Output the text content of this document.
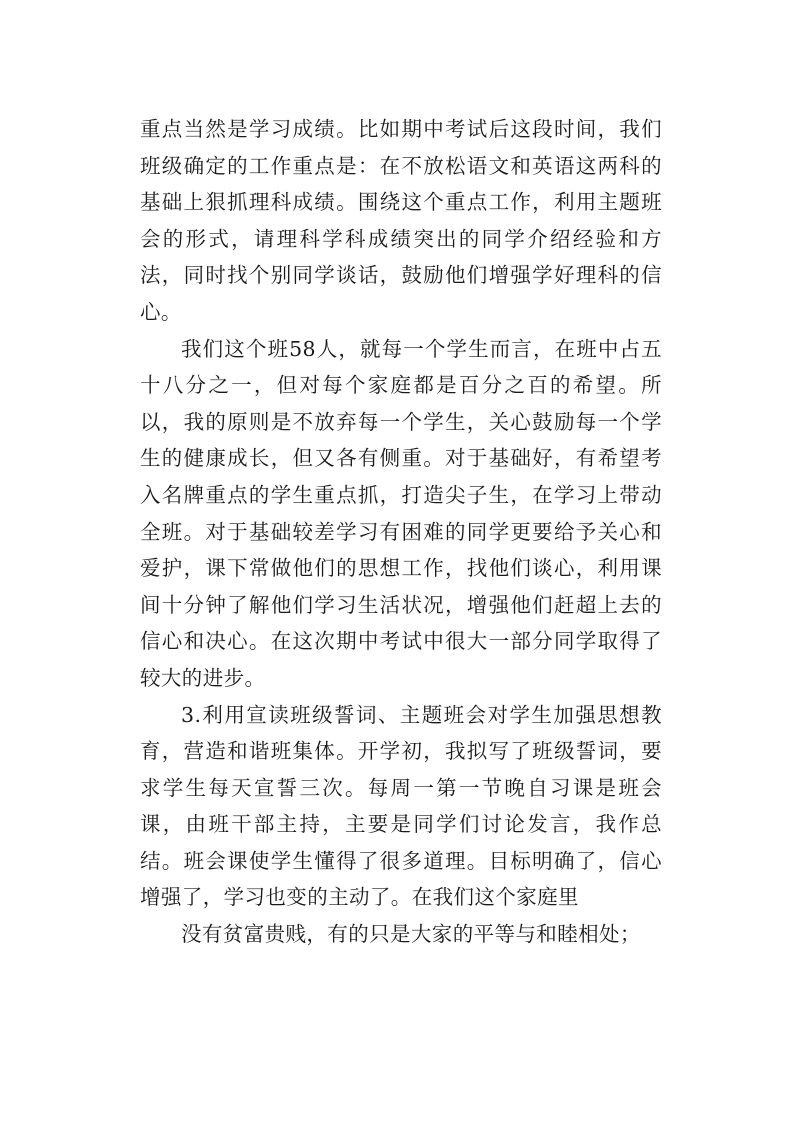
重点当然是学习成绩。比如期中考试后这段时间，我们班级确定的工作重点是：在不放松语文和英语这两科的基础上狠抓理科成绩。围绕这个重点工作，利用主题班会的形式，请理科学科成绩突出的同学介绍经验和方法，同时找个别同学谈话，鼓励他们增强学好理科的信心。

我们这个班58人，就每一个学生而言，在班中占五十八分之一，但对每个家庭都是百分之百的希望。所以，我的原则是不放弃每一个学生，关心鼓励每一个学生的健康成长，但又各有侧重。对于基础好，有希望考入名牌重点的学生重点抓，打造尖子生，在学习上带动全班。对于基础较差学习有困难的同学更要给予关心和爱护，课下常做他们的思想工作，找他们谈心，利用课间十分钟了解他们学习生活状况，增强他们赶超上去的信心和决心。在这次期中考试中很大一部分同学取得了较大的进步。

3.利用宣读班级誓词、主题班会对学生加强思想教育，营造和谐班集体。开学初，我拟写了班级誓词，要求学生每天宣誓三次。每周一第一节晚自习课是班会课，由班干部主持，主要是同学们讨论发言，我作总结。班会课使学生懂得了很多道理。目标明确了，信心增强了，学习也变的主动了。在我们这个家庭里

没有贫富贵贱，有的只是大家的平等与和睦相处；
